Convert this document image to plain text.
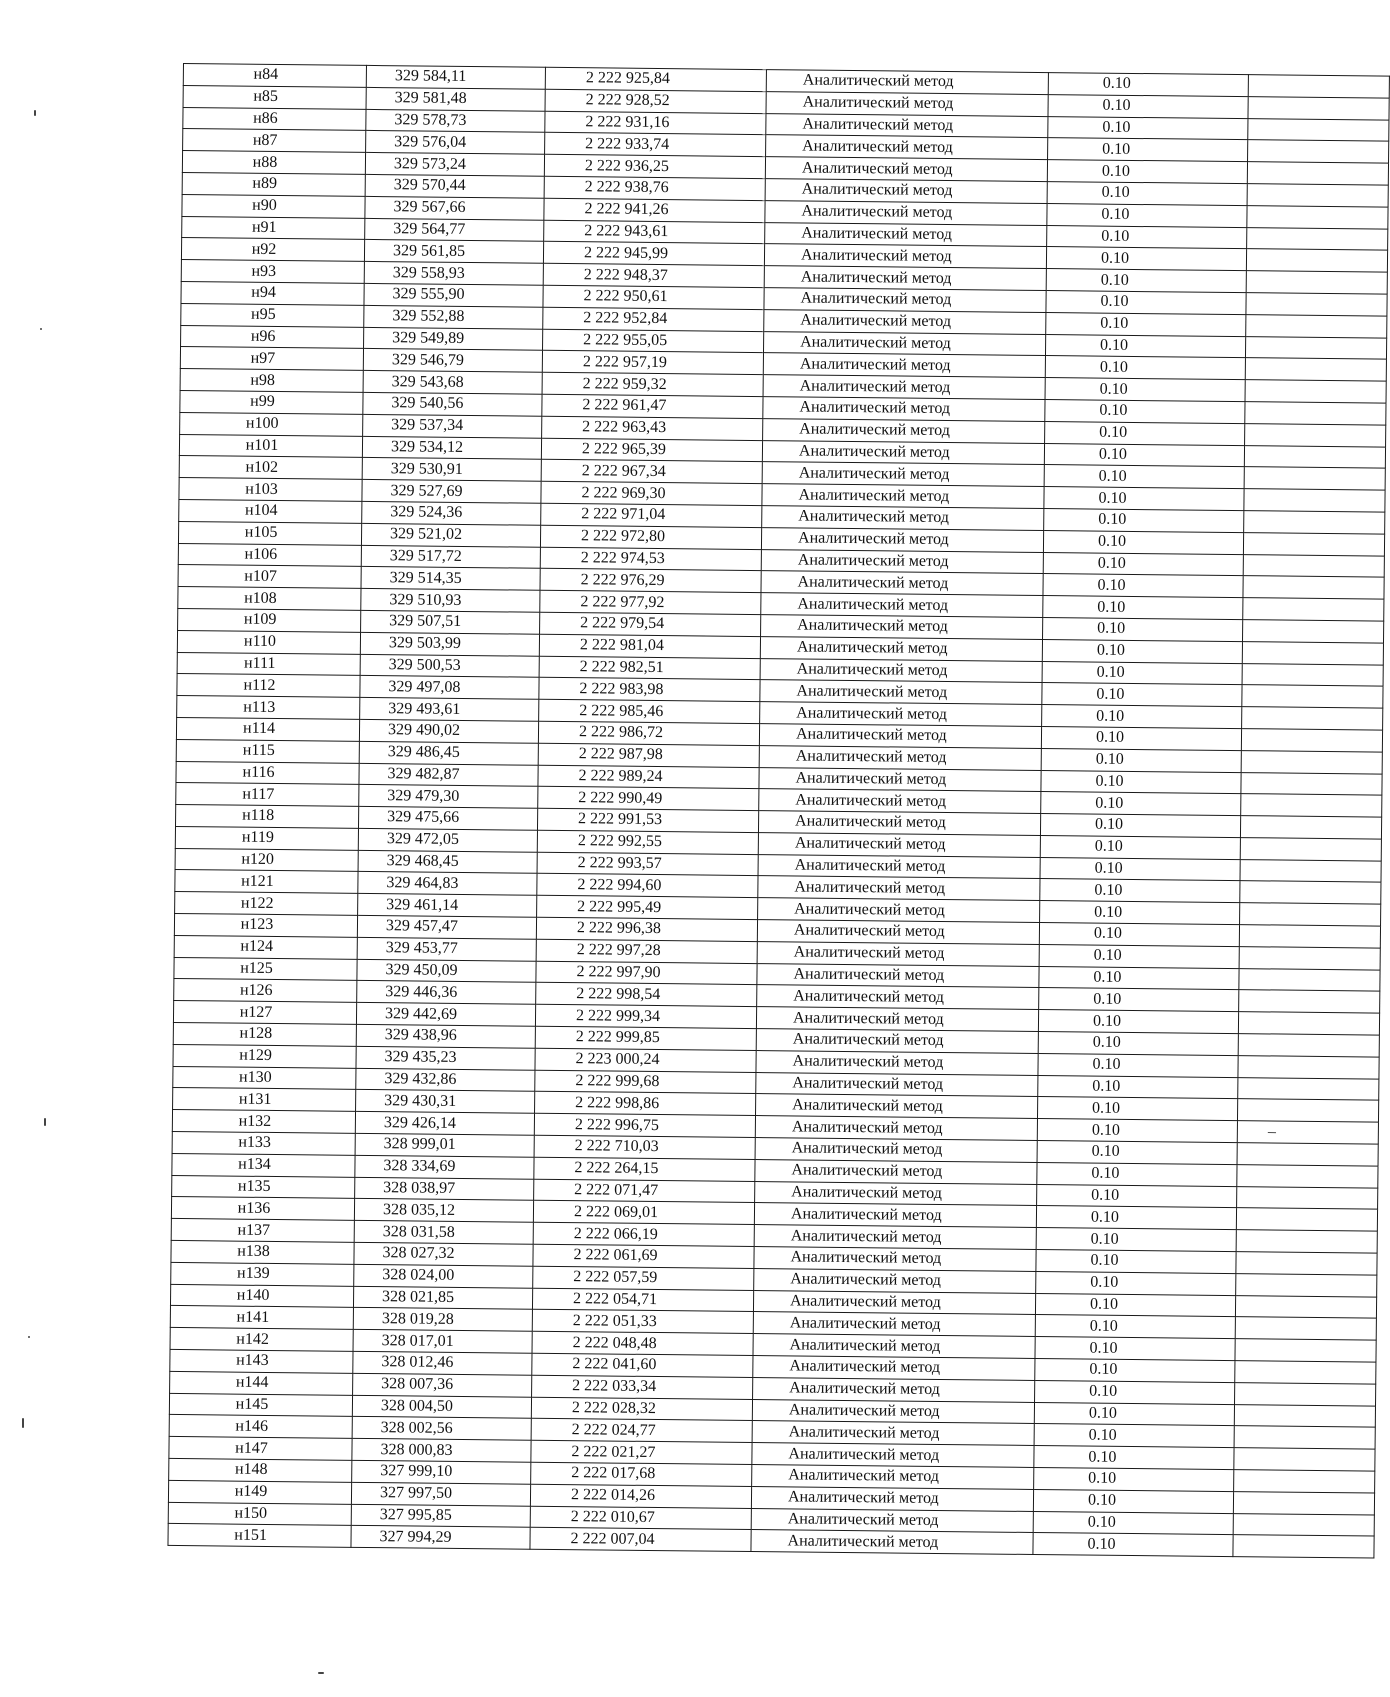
н84	329 584,11	2 222 925,84	Аналитический метод	0.10	
н85	329 581,48	2 222 928,52	Аналитический метод	0.10	
н86	329 578,73	2 222 931,16	Аналитический метод	0.10	
н87	329 576,04	2 222 933,74	Аналитический метод	0.10	
н88	329 573,24	2 222 936,25	Аналитический метод	0.10	
н89	329 570,44	2 222 938,76	Аналитический метод	0.10	
н90	329 567,66	2 222 941,26	Аналитический метод	0.10	
н91	329 564,77	2 222 943,61	Аналитический метод	0.10	
н92	329 561,85	2 222 945,99	Аналитический метод	0.10	
н93	329 558,93	2 222 948,37	Аналитический метод	0.10	
н94	329 555,90	2 222 950,61	Аналитический метод	0.10	
н95	329 552,88	2 222 952,84	Аналитический метод	0.10	
н96	329 549,89	2 222 955,05	Аналитический метод	0.10	
н97	329 546,79	2 222 957,19	Аналитический метод	0.10	
н98	329 543,68	2 222 959,32	Аналитический метод	0.10	
н99	329 540,56	2 222 961,47	Аналитический метод	0.10	
н100	329 537,34	2 222 963,43	Аналитический метод	0.10	
н101	329 534,12	2 222 965,39	Аналитический метод	0.10	
н102	329 530,91	2 222 967,34	Аналитический метод	0.10	
н103	329 527,69	2 222 969,30	Аналитический метод	0.10	
н104	329 524,36	2 222 971,04	Аналитический метод	0.10	
н105	329 521,02	2 222 972,80	Аналитический метод	0.10	
н106	329 517,72	2 222 974,53	Аналитический метод	0.10	
н107	329 514,35	2 222 976,29	Аналитический метод	0.10	
н108	329 510,93	2 222 977,92	Аналитический метод	0.10	
н109	329 507,51	2 222 979,54	Аналитический метод	0.10	
н110	329 503,99	2 222 981,04	Аналитический метод	0.10	
н111	329 500,53	2 222 982,51	Аналитический метод	0.10	
н112	329 497,08	2 222 983,98	Аналитический метод	0.10	
н113	329 493,61	2 222 985,46	Аналитический метод	0.10	
н114	329 490,02	2 222 986,72	Аналитический метод	0.10	
н115	329 486,45	2 222 987,98	Аналитический метод	0.10	
н116	329 482,87	2 222 989,24	Аналитический метод	0.10	
н117	329 479,30	2 222 990,49	Аналитический метод	0.10	
н118	329 475,66	2 222 991,53	Аналитический метод	0.10	
н119	329 472,05	2 222 992,55	Аналитический метод	0.10	
н120	329 468,45	2 222 993,57	Аналитический метод	0.10	
н121	329 464,83	2 222 994,60	Аналитический метод	0.10	
н122	329 461,14	2 222 995,49	Аналитический метод	0.10	
н123	329 457,47	2 222 996,38	Аналитический метод	0.10	
н124	329 453,77	2 222 997,28	Аналитический метод	0.10	
н125	329 450,09	2 222 997,90	Аналитический метод	0.10	
н126	329 446,36	2 222 998,54	Аналитический метод	0.10	
н127	329 442,69	2 222 999,34	Аналитический метод	0.10	
н128	329 438,96	2 222 999,85	Аналитический метод	0.10	
н129	329 435,23	2 223 000,24	Аналитический метод	0.10	
н130	329 432,86	2 222 999,68	Аналитический метод	0.10	
н131	329 430,31	2 222 998,86	Аналитический метод	0.10	
н132	329 426,14	2 222 996,75	Аналитический метод	0.10	–
н133	328 999,01	2 222 710,03	Аналитический метод	0.10	
н134	328 334,69	2 222 264,15	Аналитический метод	0.10	
н135	328 038,97	2 222 071,47	Аналитический метод	0.10	
н136	328 035,12	2 222 069,01	Аналитический метод	0.10	
н137	328 031,58	2 222 066,19	Аналитический метод	0.10	
н138	328 027,32	2 222 061,69	Аналитический метод	0.10	
н139	328 024,00	2 222 057,59	Аналитический метод	0.10	
н140	328 021,85	2 222 054,71	Аналитический метод	0.10	
н141	328 019,28	2 222 051,33	Аналитический метод	0.10	
н142	328 017,01	2 222 048,48	Аналитический метод	0.10	
н143	328 012,46	2 222 041,60	Аналитический метод	0.10	
н144	328 007,36	2 222 033,34	Аналитический метод	0.10	
н145	328 004,50	2 222 028,32	Аналитический метод	0.10	
н146	328 002,56	2 222 024,77	Аналитический метод	0.10	
н147	328 000,83	2 222 021,27	Аналитический метод	0.10	
н148	327 999,10	2 222 017,68	Аналитический метод	0.10	
н149	327 997,50	2 222 014,26	Аналитический метод	0.10	
н150	327 995,85	2 222 010,67	Аналитический метод	0.10	
н151	327 994,29	2 222 007,04	Аналитический метод	0.10	
